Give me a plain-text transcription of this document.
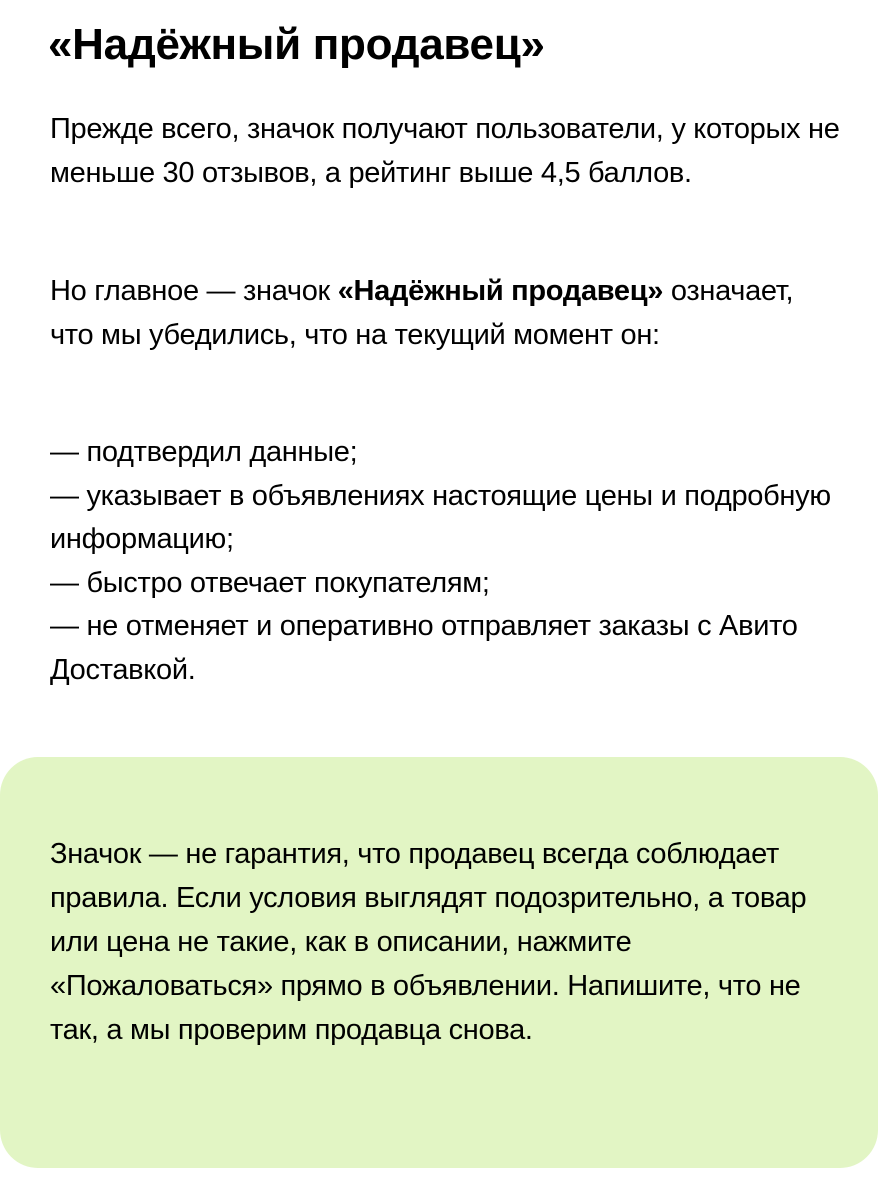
«Надёжный продавец»

Прежде всего, значок получают пользователи, у которых не меньше 30 отзывов, а рейтинг выше 4,5 баллов.

Но главное — значок «Надёжный продавец» означает, что мы убедились, что на текущий момент он:

— подтвердил данные;
— указывает в объявлениях настоящие цены и подробную информацию;
— быстро отвечает покупателям;
— не отменяет и оперативно отправляет заказы с Авито Доставкой.

Значок — не гарантия, что продавец всегда соблюдает правила. Если условия выглядят подозрительно, а товар или цена не такие, как в описании, нажмите «Пожаловаться» прямо в объявлении. Напишите, что не так, а мы проверим продавца снова.
